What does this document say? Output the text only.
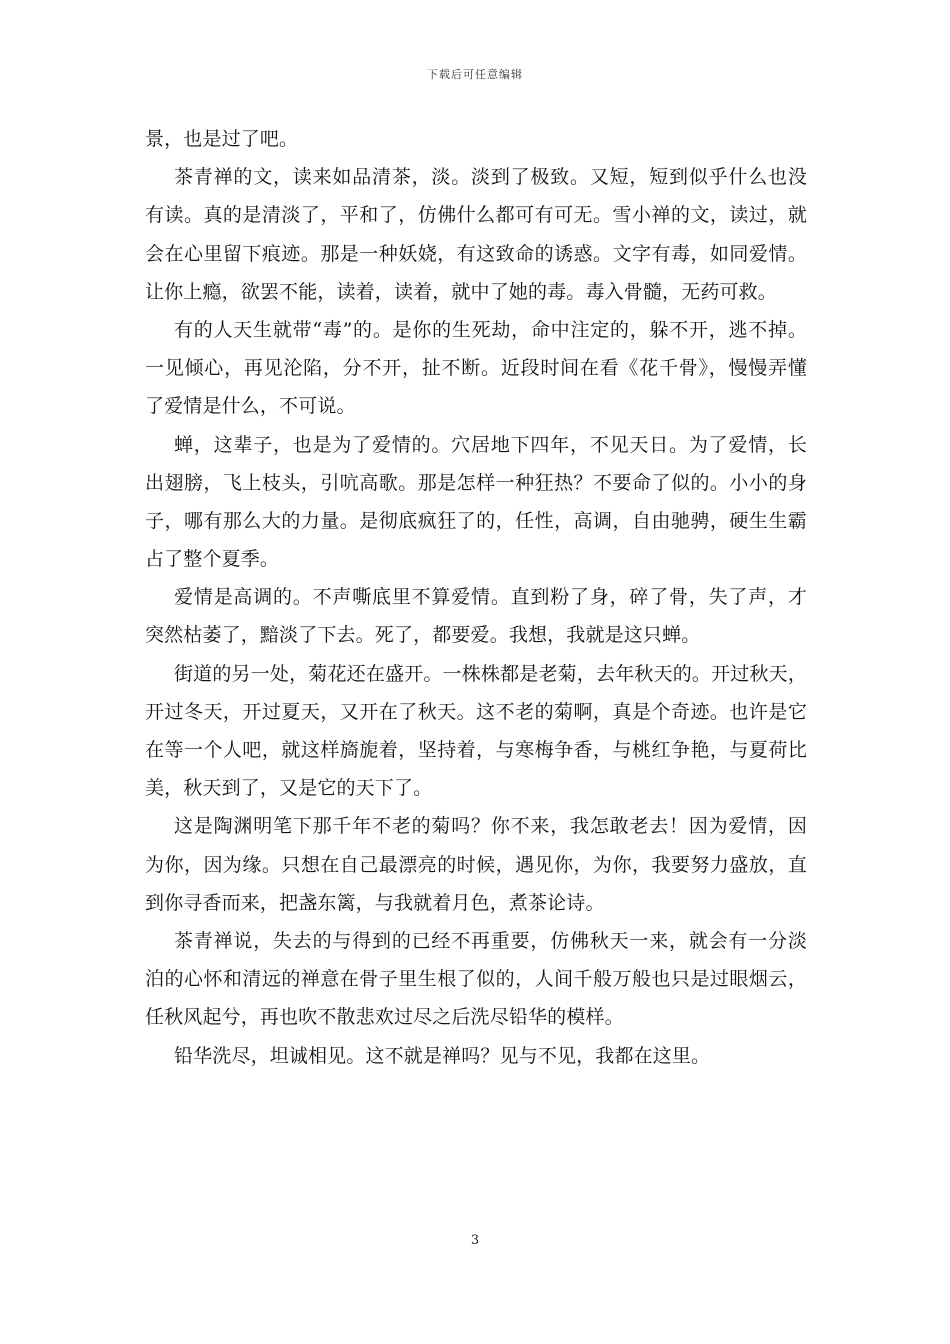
下载后可任意编辑
景，也是过了吧。
茶青禅的文，读来如品清茶，淡。淡到了极致。又短，短到似乎什么也没
有读。真的是清淡了，平和了，仿佛什么都可有可无。雪小禅的文，读过，就
会在心里留下痕迹。那是一种妖娆，有这致命的诱惑。文字有毒，如同爱情。
让你上瘾，欲罢不能，读着，读着，就中了她的毒。毒入骨髓，无药可救。
有的人天生就带“毒”的。是你的生死劫，命中注定的，躲不开，逃不掉。
一见倾心，再见沦陷，分不开，扯不断。近段时间在看《花千骨》，慢慢弄懂
了爱情是什么，不可说。
蝉，这辈子，也是为了爱情的。穴居地下四年，不见天日。为了爱情，长
出翅膀，飞上枝头，引吭高歌。那是怎样一种狂热？不要命了似的。小小的身
子，哪有那么大的力量。是彻底疯狂了的，任性，高调，自由驰骋，硬生生霸
占了整个夏季。
爱情是高调的。不声嘶底里不算爱情。直到粉了身，碎了骨，失了声，才
突然枯萎了，黯淡了下去。死了，都要爱。我想，我就是这只蝉。
街道的另一处，菊花还在盛开。一株株都是老菊，去年秋天的。开过秋天，
开过冬天，开过夏天，又开在了秋天。这不老的菊啊，真是个奇迹。也许是它
在等一个人吧，就这样旖旎着，坚持着，与寒梅争香，与桃红争艳，与夏荷比
美，秋天到了，又是它的天下了。
这是陶渊明笔下那千年不老的菊吗？你不来，我怎敢老去！因为爱情，因
为你，因为缘。只想在自己最漂亮的时候，遇见你，为你，我要努力盛放，直
到你寻香而来，把盏东篱，与我就着月色，煮茶论诗。
茶青禅说，失去的与得到的已经不再重要，仿佛秋天一来，就会有一分淡
泊的心怀和清远的禅意在骨子里生根了似的，人间千般万般也只是过眼烟云，
任秋风起兮，再也吹不散悲欢过尽之后洗尽铅华的模样。
铅华洗尽，坦诚相见。这不就是禅吗？见与不见，我都在这里。
3
